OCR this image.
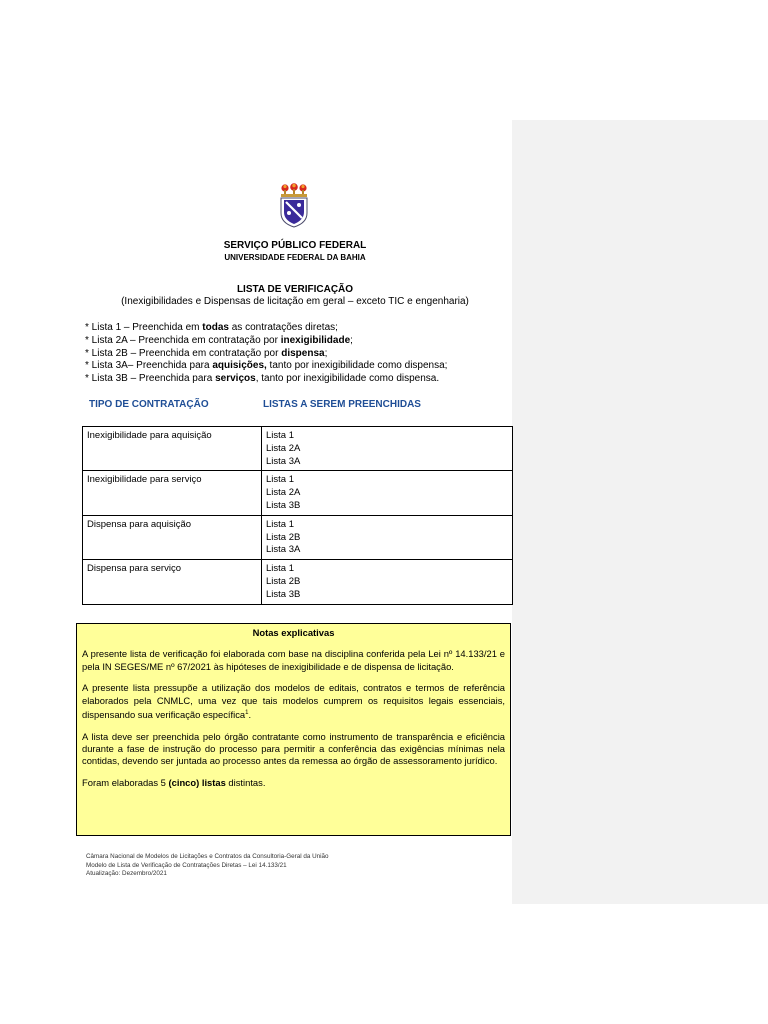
SERVIÇO PÚBLICO FEDERAL
UNIVERSIDADE FEDERAL DA BAHIA
LISTA DE VERIFICAÇÃO
(Inexigibilidades e Dispensas de licitação em geral – exceto TIC e engenharia)
* Lista 1 – Preenchida em todas as contratações diretas;
* Lista 2A – Preenchida em contratação por inexigibilidade;
* Lista 2B – Preenchida em contratação por dispensa;
* Lista 3A– Preenchida para aquisições, tanto por inexigibilidade como dispensa;
* Lista 3B – Preenchida para serviços, tanto por inexigibilidade como dispensa.
TIPO DE CONTRATAÇÃO	LISTAS A SEREM PREENCHIDAS
Inexigibilidade para aquisição	Lista 1
Lista 2A
Lista 3A

Inexigibilidade para serviço	Lista 1
Lista 2A
Lista 3B

Dispensa para aquisição	Lista 1
Lista 2B
Lista 3A

Dispensa para serviço	Lista 1
Lista 2B
Lista 3B
Notas explicativas

A presente lista de verificação foi elaborada com base na disciplina conferida pela Lei nº 14.133/21 e pela IN SEGES/ME nº 67/2021 às hipóteses de inexigibilidade e de dispensa de licitação.

A presente lista pressupõe a utilização dos modelos de editais, contratos e termos de referência elaborados pela CNMLC, uma vez que tais modelos cumprem os requisitos legais essenciais, dispensando sua verificação específica$^1$.

A lista deve ser preenchida pelo órgão contratante como instrumento de transparência e eficiência durante a fase de instrução do processo para permitir a conferência das exigências mínimas nela contidas, devendo ser juntada ao processo antes da remessa ao órgão de assessoramento jurídico.

Foram elaboradas 5 (cinco) listas distintas.

Câmara Nacional de Modelos de Licitações e Contratos da Consultoria-Geral da União
Modelo de Lista de Verificação de Contratações Diretas – Lei 14.133/21
Atualização: Dezembro/2021
